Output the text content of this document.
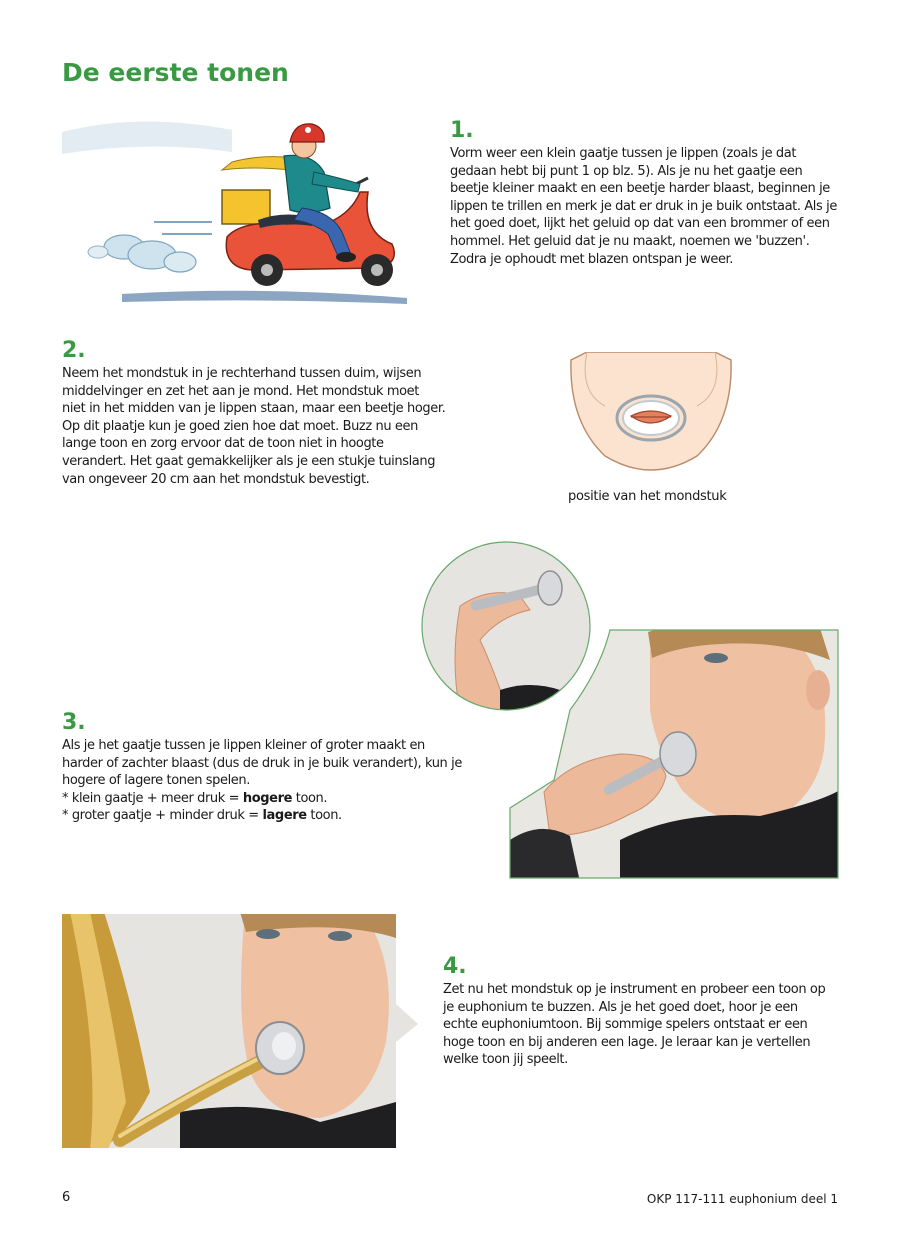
De eerste tonen
1.

Vorm weer een klein gaatje tussen je lippen (zoals je dat gedaan hebt bij punt 1 op blz. 5). Als je nu het gaatje een beetje kleiner maakt en een beetje harder blaast, beginnen je lippen te trillen en merk je dat er druk in je buik ontstaat. Als je het goed doet, lijkt het geluid op dat van een brommer of een hommel. Het geluid dat je nu maakt, noemen we 'buzzen'. Zodra je ophoudt met blazen ontspan je weer.

2.

Neem het mondstuk in je rechterhand tussen duim, wijsen middelvinger en zet het aan je mond. Het mondstuk moet niet in het midden van je lippen staan, maar een beetje hoger. Op dit plaatje kun je goed zien hoe dat moet. Buzz nu een lange toon en zorg ervoor dat de toon niet in hoogte verandert. Het gaat gemakkelijker als je een stukje tuinslang van ongeveer 20 cm aan het mondstuk bevestigt.

positie van het mondstuk
3.

Als je het gaatje tussen je lippen kleiner of groter maakt en harder of zachter blaast (dus de druk in je buik verandert), kun je hogere of lagere tonen spelen.

* klein gaatje + meer druk = hogere toon.

* groter gaatje + minder druk = lagere toon.

4.

Zet nu het mondstuk op je instrument en probeer een toon op je euphonium te buzzen. Als je het goed doet, hoor je een echte euphoniumtoon. Bij sommige spelers ontstaat er een hoge toon en bij anderen een lage. Je leraar kan je vertellen welke toon jij speelt.

6	OKP 117-111 euphonium deel 1
